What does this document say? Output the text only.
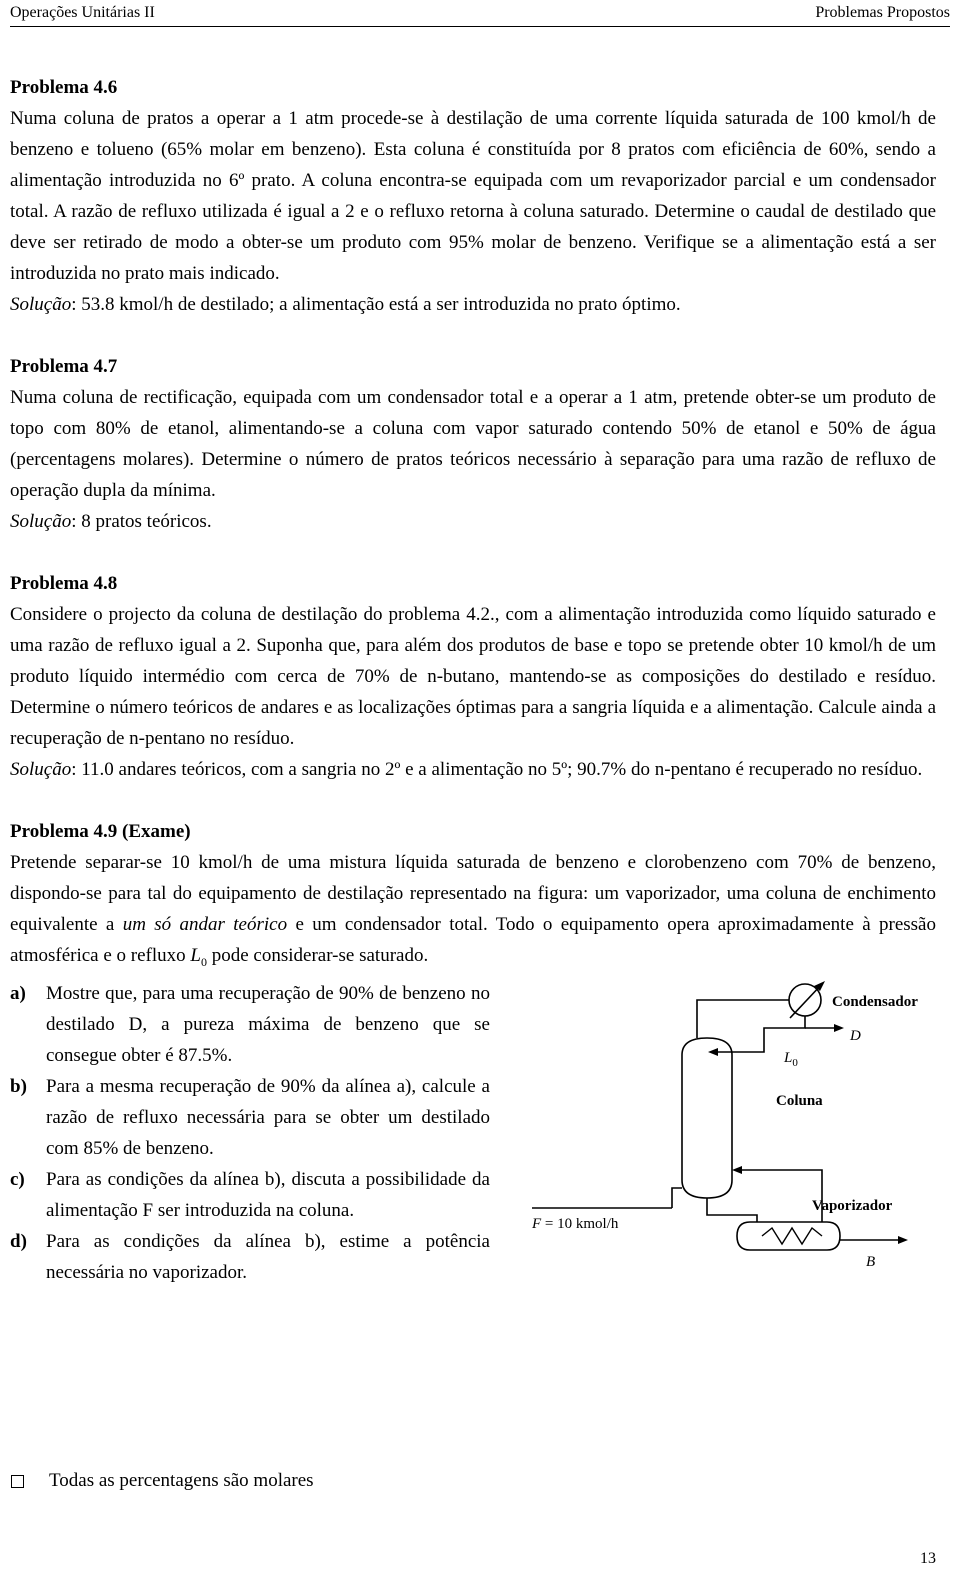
Operações Unitárias II	Problemas Propostos
Problema 4.6
Numa coluna de pratos a operar a 1 atm procede-se à destilação de uma corrente líquida saturada de 100 kmol/h de benzeno e tolueno (65% molar em benzeno). Esta coluna é constituída por 8 pratos com eficiência de 60%, sendo a alimentação introduzida no 6º prato. A coluna encontra-se equipada com um revaporizador parcial e um condensador total. A razão de refluxo utilizada é igual a 2 e o refluxo retorna à coluna saturado. Determine o caudal de destilado que deve ser retirado de modo a obter-se um produto com 95% molar de benzeno. Verifique se a alimentação está a ser introduzida no prato mais indicado.
Solução: 53.8 kmol/h de destilado; a alimentação está a ser introduzida no prato óptimo.
Problema 4.7
Numa coluna de rectificação, equipada com um condensador total e a operar a 1 atm, pretende obter-se um produto de topo com 80% de etanol, alimentando-se a coluna com vapor saturado contendo 50% de etanol e 50% de água (percentagens molares). Determine o número de pratos teóricos necessário à separação para uma razão de refluxo de operação dupla da mínima.
Solução: 8 pratos teóricos.
Problema 4.8
Considere o projecto da coluna de destilação do problema 4.2., com a alimentação introduzida como líquido saturado e uma razão de refluxo igual a 2. Suponha que, para além dos produtos de base e topo se pretende obter 10 kmol/h de um produto líquido intermédio com cerca de 70% de n-butano, mantendo-se as composições do destilado e resíduo. Determine o número teóricos de andares e as localizações óptimas para a sangria líquida e a alimentação. Calcule ainda a recuperação de n-pentano no resíduo.
Solução: 11.0 andares teóricos, com a sangria no 2º e a alimentação no 5º; 90.7% do n-pentano é recuperado no resíduo.
Problema 4.9 (Exame)
Pretende separar-se 10 kmol/h de uma mistura líquida saturada de benzeno e clorobenzeno com 70% de benzeno, dispondo-se para tal do equipamento de destilação representado na figura: um vaporizador, uma coluna de enchimento equivalente a um só andar teórico e um condensador total. Todo o equipamento opera aproximadamente à pressão atmosférica e o refluxo $L_0$ pode considerar-se saturado.
a)	Mostre que, para uma recuperação de 90% de benzeno no destilado D, a pureza máxima de benzeno que se consegue obter é 87.5%.
b)	Para a mesma recuperação de 90% da alínea a), calcule a razão de refluxo necessária para se obter um destilado com 85% de benzeno.
c)	Para as condições da alínea b), discuta a possibilidade da alimentação F ser introduzida na coluna.
d)	Para as condições da alínea b), estime a potência necessária no vaporizador.
Condensador
D
$L_0$
Coluna
Vaporizador
F = 10 kmol/h
B
Todas as percentagens são molares
13
